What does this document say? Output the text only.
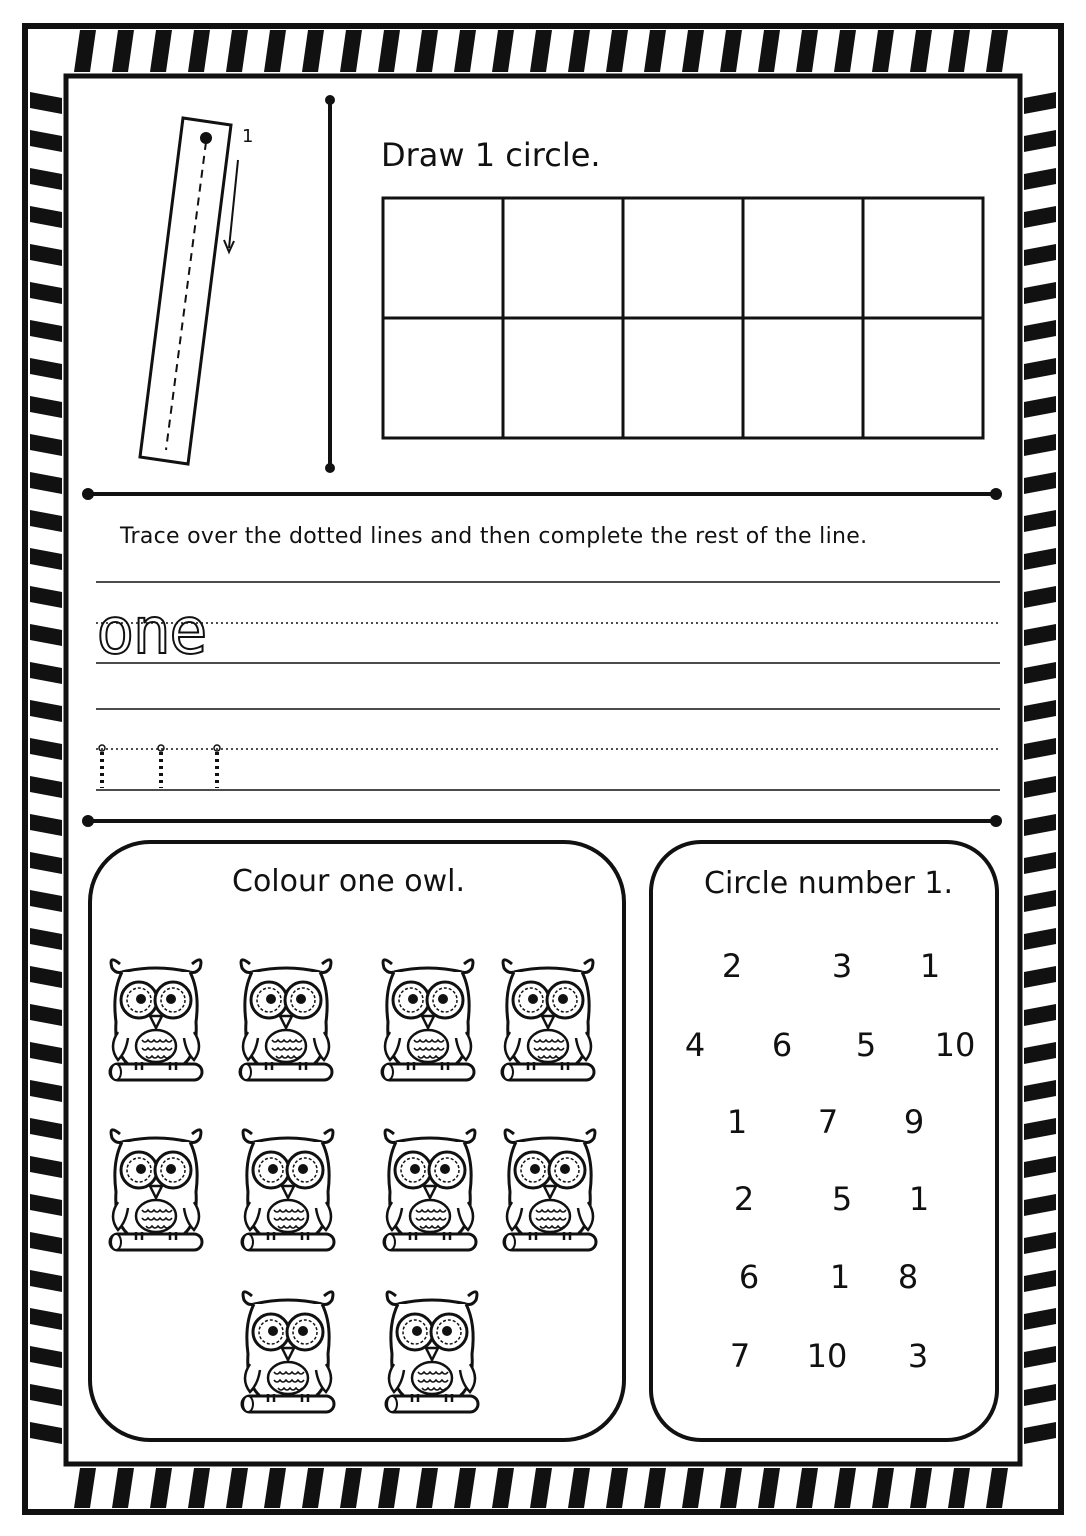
1	Draw 1 circle.
Trace over the dotted lines and then complete the rest of the line.
one
Colour one owl.	Circle number 1.
2	3 1
4 6 5 10
1 7 9
2 5 1
6 1 8
7 10 3
